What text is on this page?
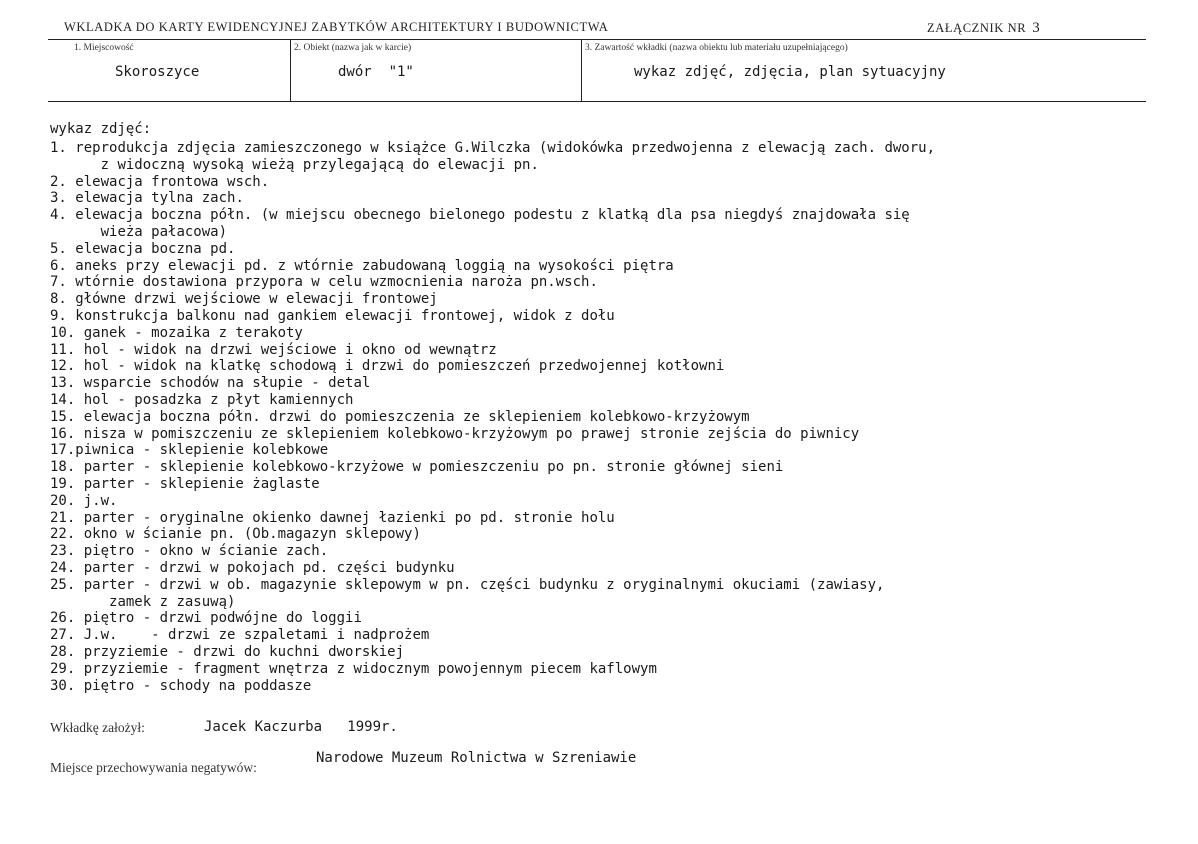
WKLADKA DO KARTY EWIDENCYJNEJ ZABYTKÓW ARCHITEKTURY I BUDOWNICTWA	ZAŁĄCZNIK NR 3
1. Miejscowość
Skoroszyce
2. Obiekt (nazwa jak w karcie)
dwór  "1"
3. Zawartość wkładki (nazwa obiektu lub materiału uzupełniającego)
wykaz zdjęć, zdjęcia, plan sytuacyjny
wykaz zdjęć:
1. reprodukcja zdjęcia zamieszczonego w książce G.Wilczka (widokówka przedwojenna z elewacją zach. dworu,
z widoczną wysoką wieżą przylegającą do elewacji pn.
2. elewacja frontowa wsch.
3. elewacja tylna zach.
4. elewacja boczna półn. (w miejscu obecnego bielonego podestu z klatką dla psa niegdyś znajdowała się
wieża pałacowa)
5. elewacja boczna pd.
6. aneks przy elewacji pd. z wtórnie zabudowaną loggią na wysokości piętra
7. wtórnie dostawiona przypora w celu wzmocnienia naroża pn.wsch.
8. główne drzwi wejściowe w elewacji frontowej
9. konstrukcja balkonu nad gankiem elewacji frontowej, widok z dołu
10. ganek - mozaika z terakoty
11. hol - widok na drzwi wejściowe i okno od wewnątrz
12. hol - widok na klatkę schodową i drzwi do pomieszczeń przedwojennej kotłowni
13. wsparcie schodów na słupie - detal
14. hol - posadzka z płyt kamiennych
15. elewacja boczna półn. drzwi do pomieszczenia ze sklepieniem kolebkowo-krzyżowym
16. nisza w pomiszczeniu ze sklepieniem kolebkowo-krzyżowym po prawej stronie zejścia do piwnicy
17. piwnica - sklepienie kolebkowe
18. parter - sklepienie kolebkowo-krzyżowe w pomieszczeniu po pn. stronie głównej sieni
19. parter - sklepienie żaglaste
20. j.w.
21. parter - oryginalne okienko dawnej łazienki po pd. stronie holu
22. okno w ścianie pn. (Ob.magazyn sklepowy)
23. piętro - okno w ścianie zach.
24. parter - drzwi w pokojach pd. części budynku
25. parter - drzwi w ob. magazynie sklepowym w pn. części budynku z oryginalnymi okuciami (zawiasy,
zamek z zasuwą)
26. piętro - drzwi podwójne do loggii
27. J.w.    - drzwi ze szpaletami i nadprożem
28. przyziemie - drzwi do kuchni dworskiej
29. przyziemie - fragment wnętrza z widocznym powojennym piecem kaflowym
30. piętro - schody na poddasze
Wkładkę założył:	Jacek Kaczurba   1999r.
Miejsce przechowywania negatywów:
Narodowe Muzeum Rolnictwa w Szreniawie
